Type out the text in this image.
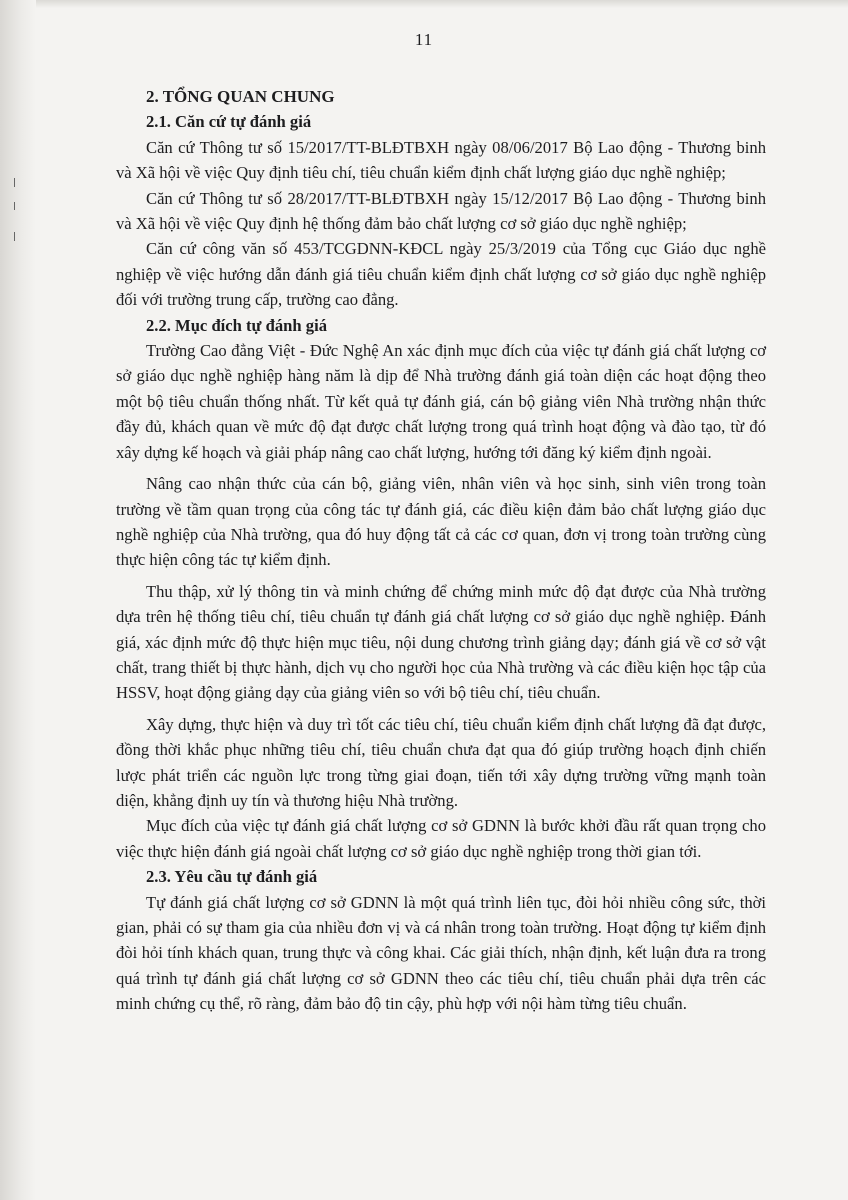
11
2. TỔNG QUAN CHUNG
2.1. Căn cứ tự đánh giá

Căn cứ Thông tư số 15/2017/TT-BLĐTBXH ngày 08/06/2017 Bộ Lao động - Thương binh và Xã hội về việc Quy định tiêu chí, tiêu chuẩn kiểm định chất lượng giáo dục nghề nghiệp;

Căn cứ Thông tư số 28/2017/TT-BLĐTBXH ngày 15/12/2017 Bộ Lao động - Thương binh và Xã hội về việc Quy định hệ thống đảm bảo chất lượng cơ sở giáo dục nghề nghiệp;

Căn cứ công văn số 453/TCGDNN-KĐCL ngày 25/3/2019 của Tổng cục Giáo dục nghề nghiệp về việc hướng dẫn đánh giá tiêu chuẩn kiểm định chất lượng cơ sở giáo dục nghề nghiệp đối với trường trung cấp, trường cao đẳng.

2.2. Mục đích tự đánh giá

Trường Cao đẳng Việt - Đức Nghệ An xác định mục đích của việc tự đánh giá chất lượng cơ sở giáo dục nghề nghiệp hàng năm là dịp để Nhà trường đánh giá toàn diện các hoạt động theo một bộ tiêu chuẩn thống nhất. Từ kết quả tự đánh giá, cán bộ giảng viên Nhà trường nhận thức đầy đủ, khách quan về mức độ đạt được chất lượng trong quá trình hoạt động và đào tạo, từ đó xây dựng kế hoạch và giải pháp nâng cao chất lượng, hướng tới đăng ký kiểm định ngoài.

Nâng cao nhận thức của cán bộ, giảng viên, nhân viên và học sinh, sinh viên trong toàn trường về tầm quan trọng của công tác tự đánh giá, các điều kiện đảm bảo chất lượng giáo dục nghề nghiệp của Nhà trường, qua đó huy động tất cả các cơ quan, đơn vị trong toàn trường cùng thực hiện công tác tự kiểm định.

Thu thập, xử lý thông tin và minh chứng để chứng minh mức độ đạt được của Nhà trường dựa trên hệ thống tiêu chí, tiêu chuẩn tự đánh giá chất lượng cơ sở giáo dục nghề nghiệp. Đánh giá, xác định mức độ thực hiện mục tiêu, nội dung chương trình giảng dạy; đánh giá về cơ sở vật chất, trang thiết bị thực hành, dịch vụ cho người học của Nhà trường và các điều kiện học tập của HSSV, hoạt động giảng dạy của giảng viên so với bộ tiêu chí, tiêu chuẩn.

Xây dựng, thực hiện và duy trì tốt các tiêu chí, tiêu chuẩn kiểm định chất lượng đã đạt được, đồng thời khắc phục những tiêu chí, tiêu chuẩn chưa đạt qua đó giúp trường hoạch định chiến lược phát triển các nguồn lực trong từng giai đoạn, tiến tới xây dựng trường vững mạnh toàn diện, khẳng định uy tín và thương hiệu Nhà trường.

Mục đích của việc tự đánh giá chất lượng cơ sở GDNN là bước khởi đầu rất quan trọng cho việc thực hiện đánh giá ngoài chất lượng cơ sở giáo dục nghề nghiệp trong thời gian tới.

2.3. Yêu cầu tự đánh giá

Tự đánh giá chất lượng cơ sở GDNN là một quá trình liên tục, đòi hỏi nhiều công sức, thời gian, phải có sự tham gia của nhiều đơn vị và cá nhân trong toàn trường. Hoạt động tự kiểm định đòi hỏi tính khách quan, trung thực và công khai. Các giải thích, nhận định, kết luận đưa ra trong quá trình tự đánh giá chất lượng cơ sở GDNN theo các tiêu chí, tiêu chuẩn phải dựa trên các minh chứng cụ thể, rõ ràng, đảm bảo độ tin cậy, phù hợp với nội hàm từng tiêu chuẩn.
